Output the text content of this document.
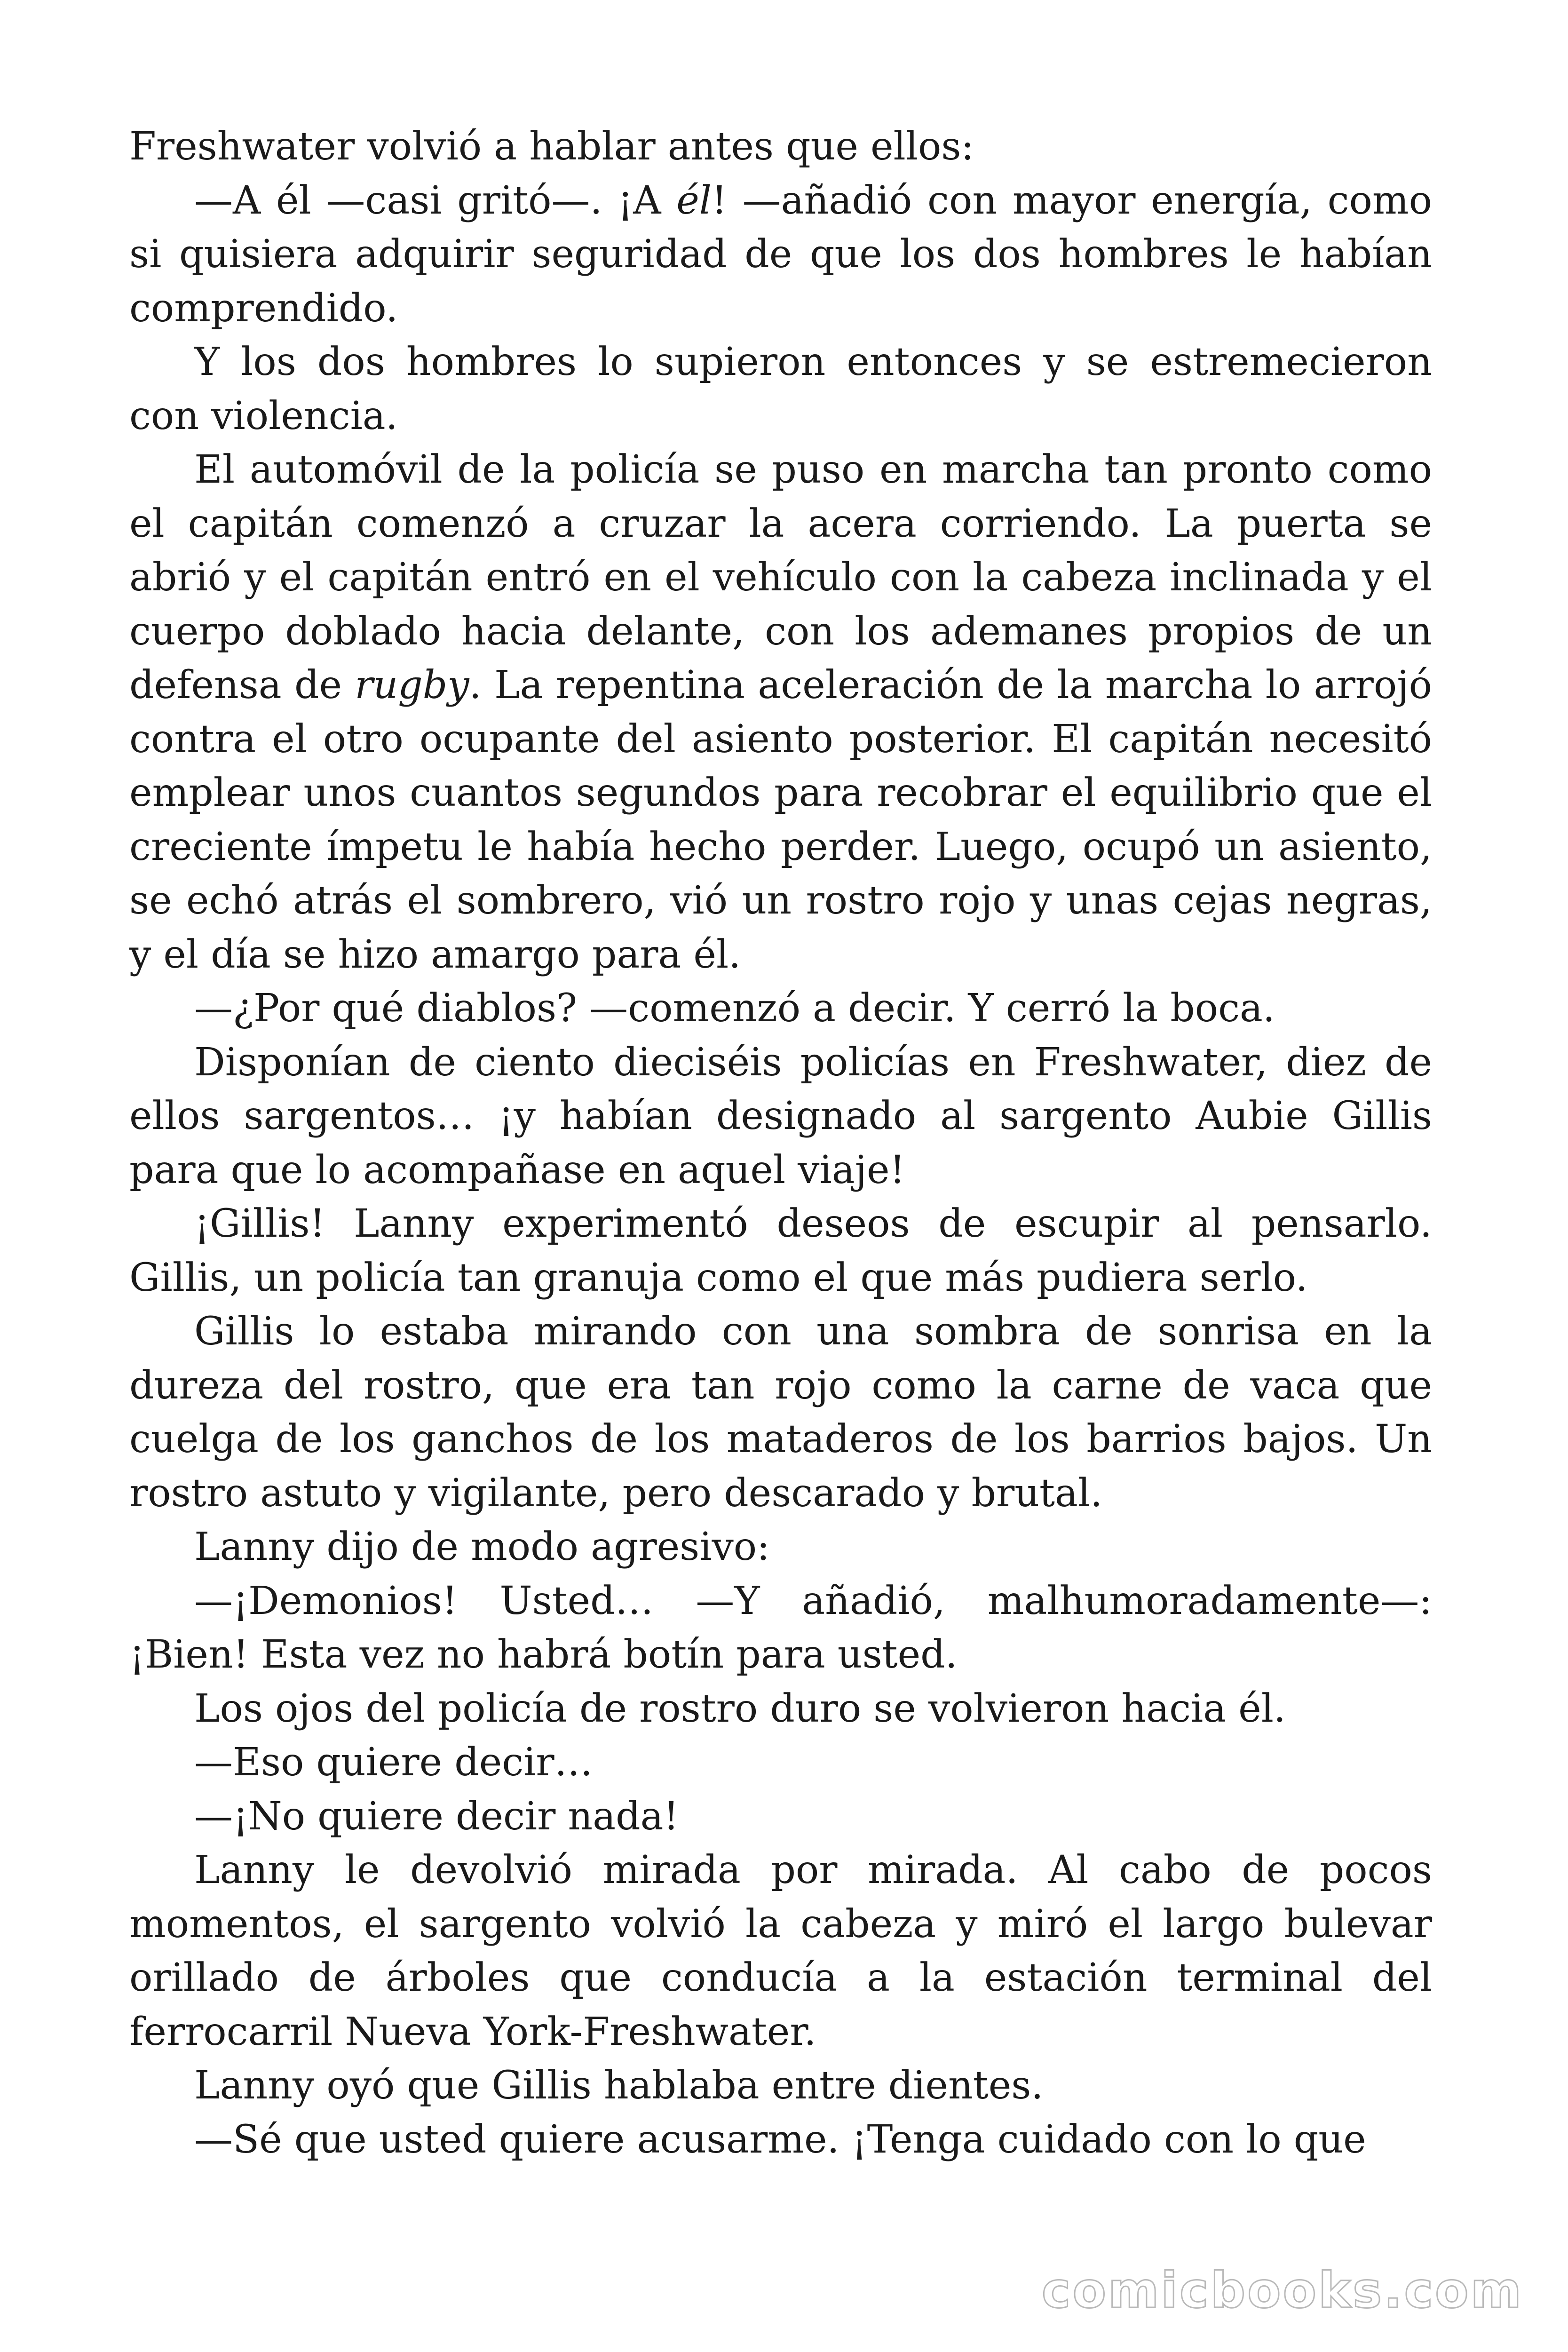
Freshwater volvió a hablar antes que ellos:

—A él —casi gritó—. ¡A él! —añadió con mayor energía, como si quisiera adquirir seguridad de que los dos hombres le habían comprendido.

Y los dos hombres lo supieron entonces y se estremecieron con violencia.

El automóvil de la policía se puso en marcha tan pronto como el capitán comenzó a cruzar la acera corriendo. La puerta se abrió y el capitán entró en el vehículo con la cabeza inclinada y el cuerpo doblado hacia delante, con los ademanes propios de un defensa de rugby. La repentina aceleración de la marcha lo arrojó contra el otro ocupante del asiento posterior. El capitán necesitó emplear unos cuantos segundos para recobrar el equilibrio que el creciente ímpetu le había hecho perder. Luego, ocupó un asiento, se echó atrás el sombrero, vió un rostro rojo y unas cejas negras, y el día se hizo amargo para él.

—¿Por qué diablos? —comenzó a decir. Y cerró la boca.

Disponían de ciento dieciséis policías en Freshwater, diez de ellos sargentos… ¡y habían designado al sargento Aubie Gillis para que lo acompañase en aquel viaje!

¡Gillis! Lanny experimentó deseos de escupir al pensarlo. Gillis, un policía tan granuja como el que más pudiera serlo.

Gillis lo estaba mirando con una sombra de sonrisa en la dureza del rostro, que era tan rojo como la carne de vaca que cuelga de los ganchos de los mataderos de los barrios bajos. Un rostro astuto y vigilante, pero descarado y brutal.

Lanny dijo de modo agresivo:

—¡Demonios! Usted… —Y añadió, malhumoradamente—: ¡Bien! Esta vez no habrá botín para usted.

Los ojos del policía de rostro duro se volvieron hacia él.

—Eso quiere decir…

—¡No quiere decir nada!

Lanny le devolvió mirada por mirada. Al cabo de pocos momentos, el sargento volvió la cabeza y miró el largo bulevar orillado de árboles que conducía a la estación terminal del ferrocarril Nueva York-Freshwater.

Lanny oyó que Gillis hablaba entre dientes.

—Sé que usted quiere acusarme. ¡Tenga cuidado con lo que

comicbooks.com
